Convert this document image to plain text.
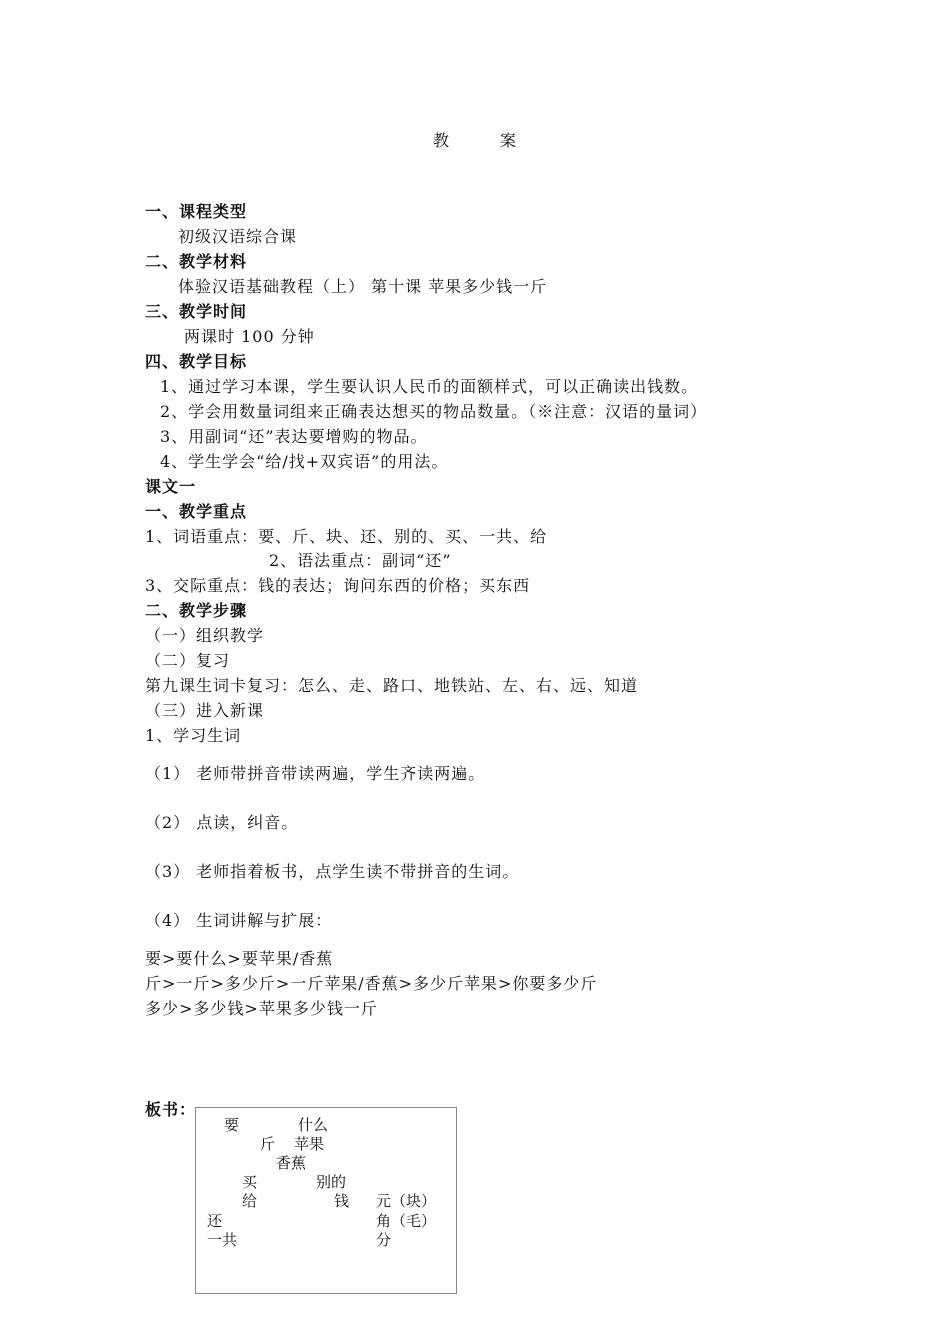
教	案
一、课程类型
初级汉语综合课
二、教学材料
体验汉语基础教程（上） 第十课 苹果多少钱一斤
三、教学时间
两课时 100 分钟
四、教学目标
1、通过学习本课，学生要认识人民币的面额样式，可以正确读出钱数。
2、学会用数量词组来正确表达想买的物品数量。（※注意：汉语的量词）
3、用副词“还”表达要增购的物品。
4、学生学会“给/找+双宾语”的用法。
课文一
一、教学重点
1、词语重点：要、斤、块、还、别的、买、一共、给
2、语法重点：副词“还”
3、交际重点：钱的表达；询问东西的价格；买东西
二、教学步骤
（一）组织教学
（二）复习
第九课生词卡复习：怎么、走、路口、地铁站、左、右、远、知道
（三）进入新课
1、学习生词
（1） 老师带拼音带读两遍，学生齐读两遍。
（2） 点读，纠音。
（3） 老师指着板书，点学生读不带拼音的生词。
（4） 生词讲解与扩展：
要>要什么>要苹果/香蕉
斤>一斤>多少斤>一斤苹果/香蕉>多少斤苹果>你要多少斤
多少>多少钱>苹果多少钱一斤
板书：
要	什么
斤 苹果
香蕉
买	别的
给	钱 元（块）
还	角（毛）
一共	分
